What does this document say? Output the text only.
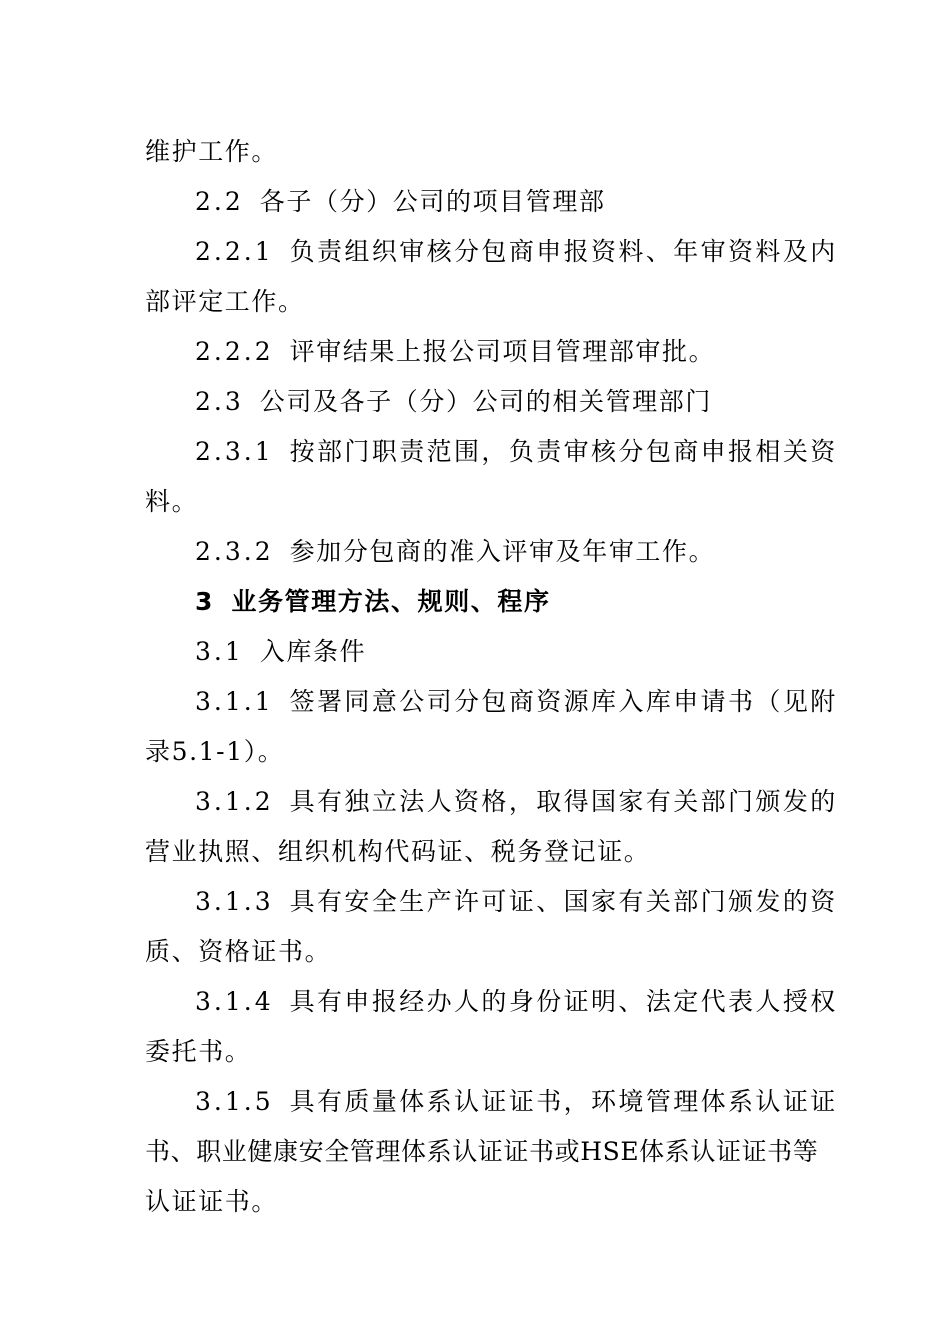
维护工作。
2.2 各子（分）公司的项目管理部
2.2.1 负责组织审核分包商申报资料、年审资料及内
部评定工作。
2.2.2 评审结果上报公司项目管理部审批。
2.3 公司及各子（分）公司的相关管理部门
2.3.1 按部门职责范围，负责审核分包商申报相关资
料。
2.3.2 参加分包商的准入评审及年审工作。
3 业务管理方法、规则、程序
3.1 入库条件
3.1.1 签署同意公司分包商资源库入库申请书（见附
录5.1-1）。
3.1.2 具有独立法人资格，取得国家有关部门颁发的
营业执照、组织机构代码证、税务登记证。
3.1.3 具有安全生产许可证、国家有关部门颁发的资
质、资格证书。
3.1.4 具有申报经办人的身份证明、法定代表人授权
委托书。
3.1.5 具有质量体系认证证书，环境管理体系认证证
书、职业健康安全管理体系认证证书或HSE体系认证证书等
认证证书。
